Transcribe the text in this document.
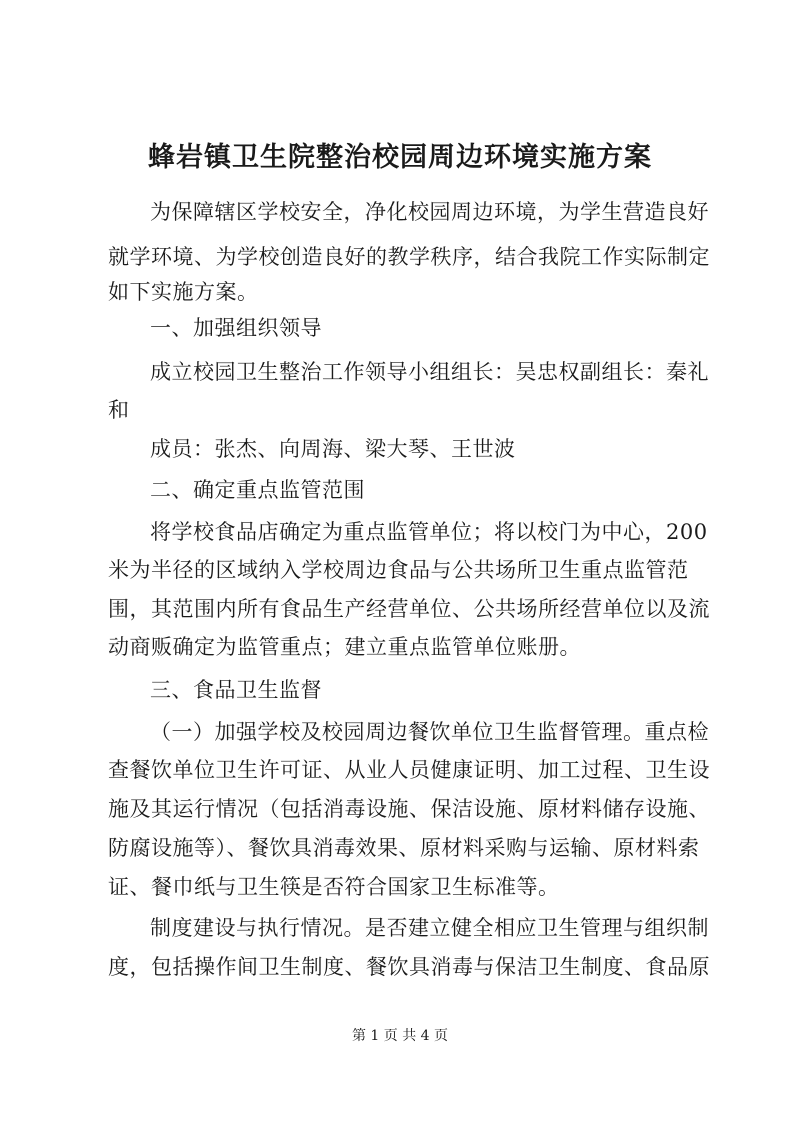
蜂岩镇卫生院整治校园周边环境实施方案
为保障辖区学校安全，净化校园周边环境，为学生营造良好
就学环境、为学校创造良好的教学秩序，结合我院工作实际制定
如下实施方案。
一、加强组织领导
成立校园卫生整治工作领导小组组长：吴忠权副组长：秦礼
和
成员：张杰、向周海、梁大琴、王世波
二、确定重点监管范围
将学校食品店确定为重点监管单位；将以校门为中心，200
米为半径的区域纳入学校周边食品与公共场所卫生重点监管范
围，其范围内所有食品生产经营单位、公共场所经营单位以及流
动商贩确定为监管重点；建立重点监管单位账册。
三、食品卫生监督
（一）加强学校及校园周边餐饮单位卫生监督管理。重点检
查餐饮单位卫生许可证、从业人员健康证明、加工过程、卫生设
施及其运行情况（包括消毒设施、保洁设施、原材料储存设施、
防腐设施等）、餐饮具消毒效果、原材料采购与运输、原材料索
证、餐巾纸与卫生筷是否符合国家卫生标准等。
制度建设与执行情况。是否建立健全相应卫生管理与组织制
度，包括操作间卫生制度、餐饮具消毒与保洁卫生制度、食品原
第 1 页 共 4 页
